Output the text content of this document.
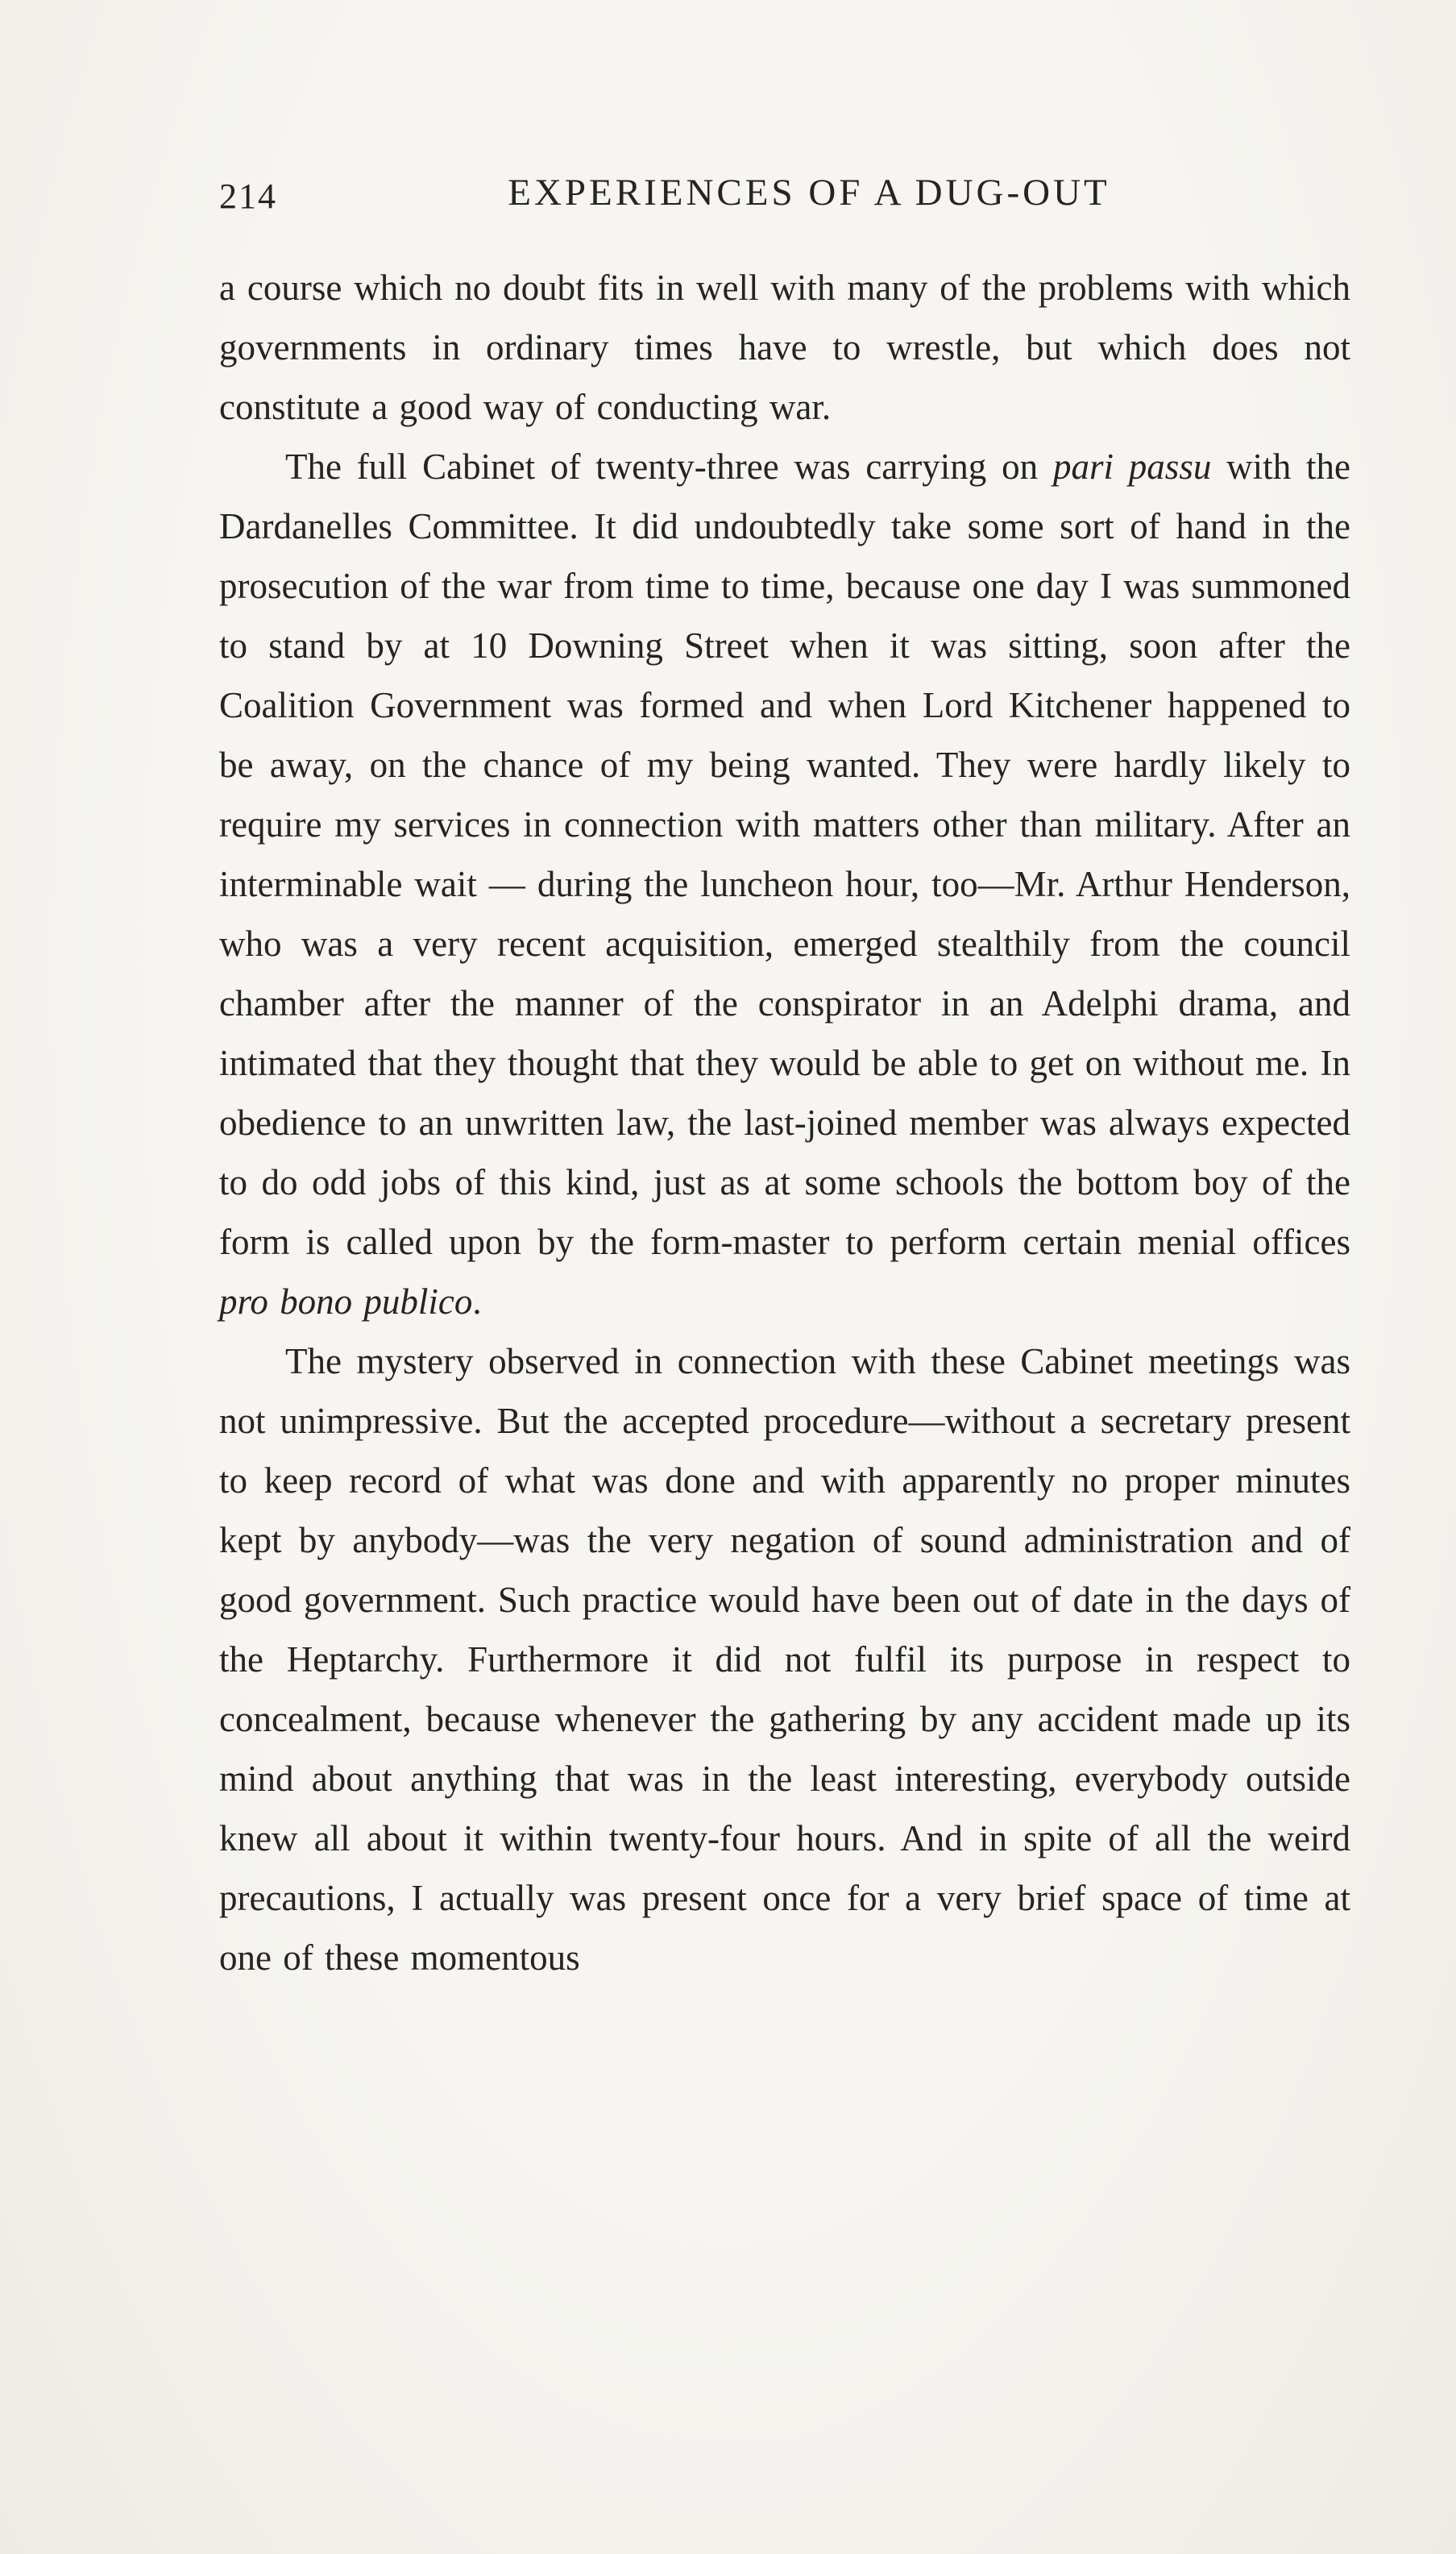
214	EXPERIENCES OF A DUG-OUT

a course which no doubt fits in well with many of the problems with which governments in ordinary times have to wrestle, but which does not constitute a good way of conducting war.

The full Cabinet of twenty-three was carrying on pari passu with the Dardanelles Committee. It did undoubtedly take some sort of hand in the prosecution of the war from time to time, because one day I was summoned to stand by at 10 Downing Street when it was sitting, soon after the Coalition Government was formed and when Lord Kitchener happened to be away, on the chance of my being wanted. They were hardly likely to require my services in connection with matters other than military. After an interminable wait — during the luncheon hour, too—Mr. Arthur Henderson, who was a very recent acquisition, emerged stealthily from the council chamber after the manner of the conspirator in an Adelphi drama, and intimated that they thought that they would be able to get on without me. In obedience to an unwritten law, the last-joined member was always expected to do odd jobs of this kind, just as at some schools the bottom boy of the form is called upon by the form-master to perform certain menial offices pro bono publico.

The mystery observed in connection with these Cabinet meetings was not unimpressive. But the accepted procedure—without a secretary present to keep record of what was done and with apparently no proper minutes kept by anybody—was the very negation of sound administration and of good government. Such practice would have been out of date in the days of the Heptarchy. Furthermore it did not fulfil its purpose in respect to concealment, because whenever the gathering by any accident made up its mind about anything that was in the least interesting, everybody outside knew all about it within twenty-four hours. And in spite of all the weird precautions, I actually was present once for a very brief space of time at one of these momentous
